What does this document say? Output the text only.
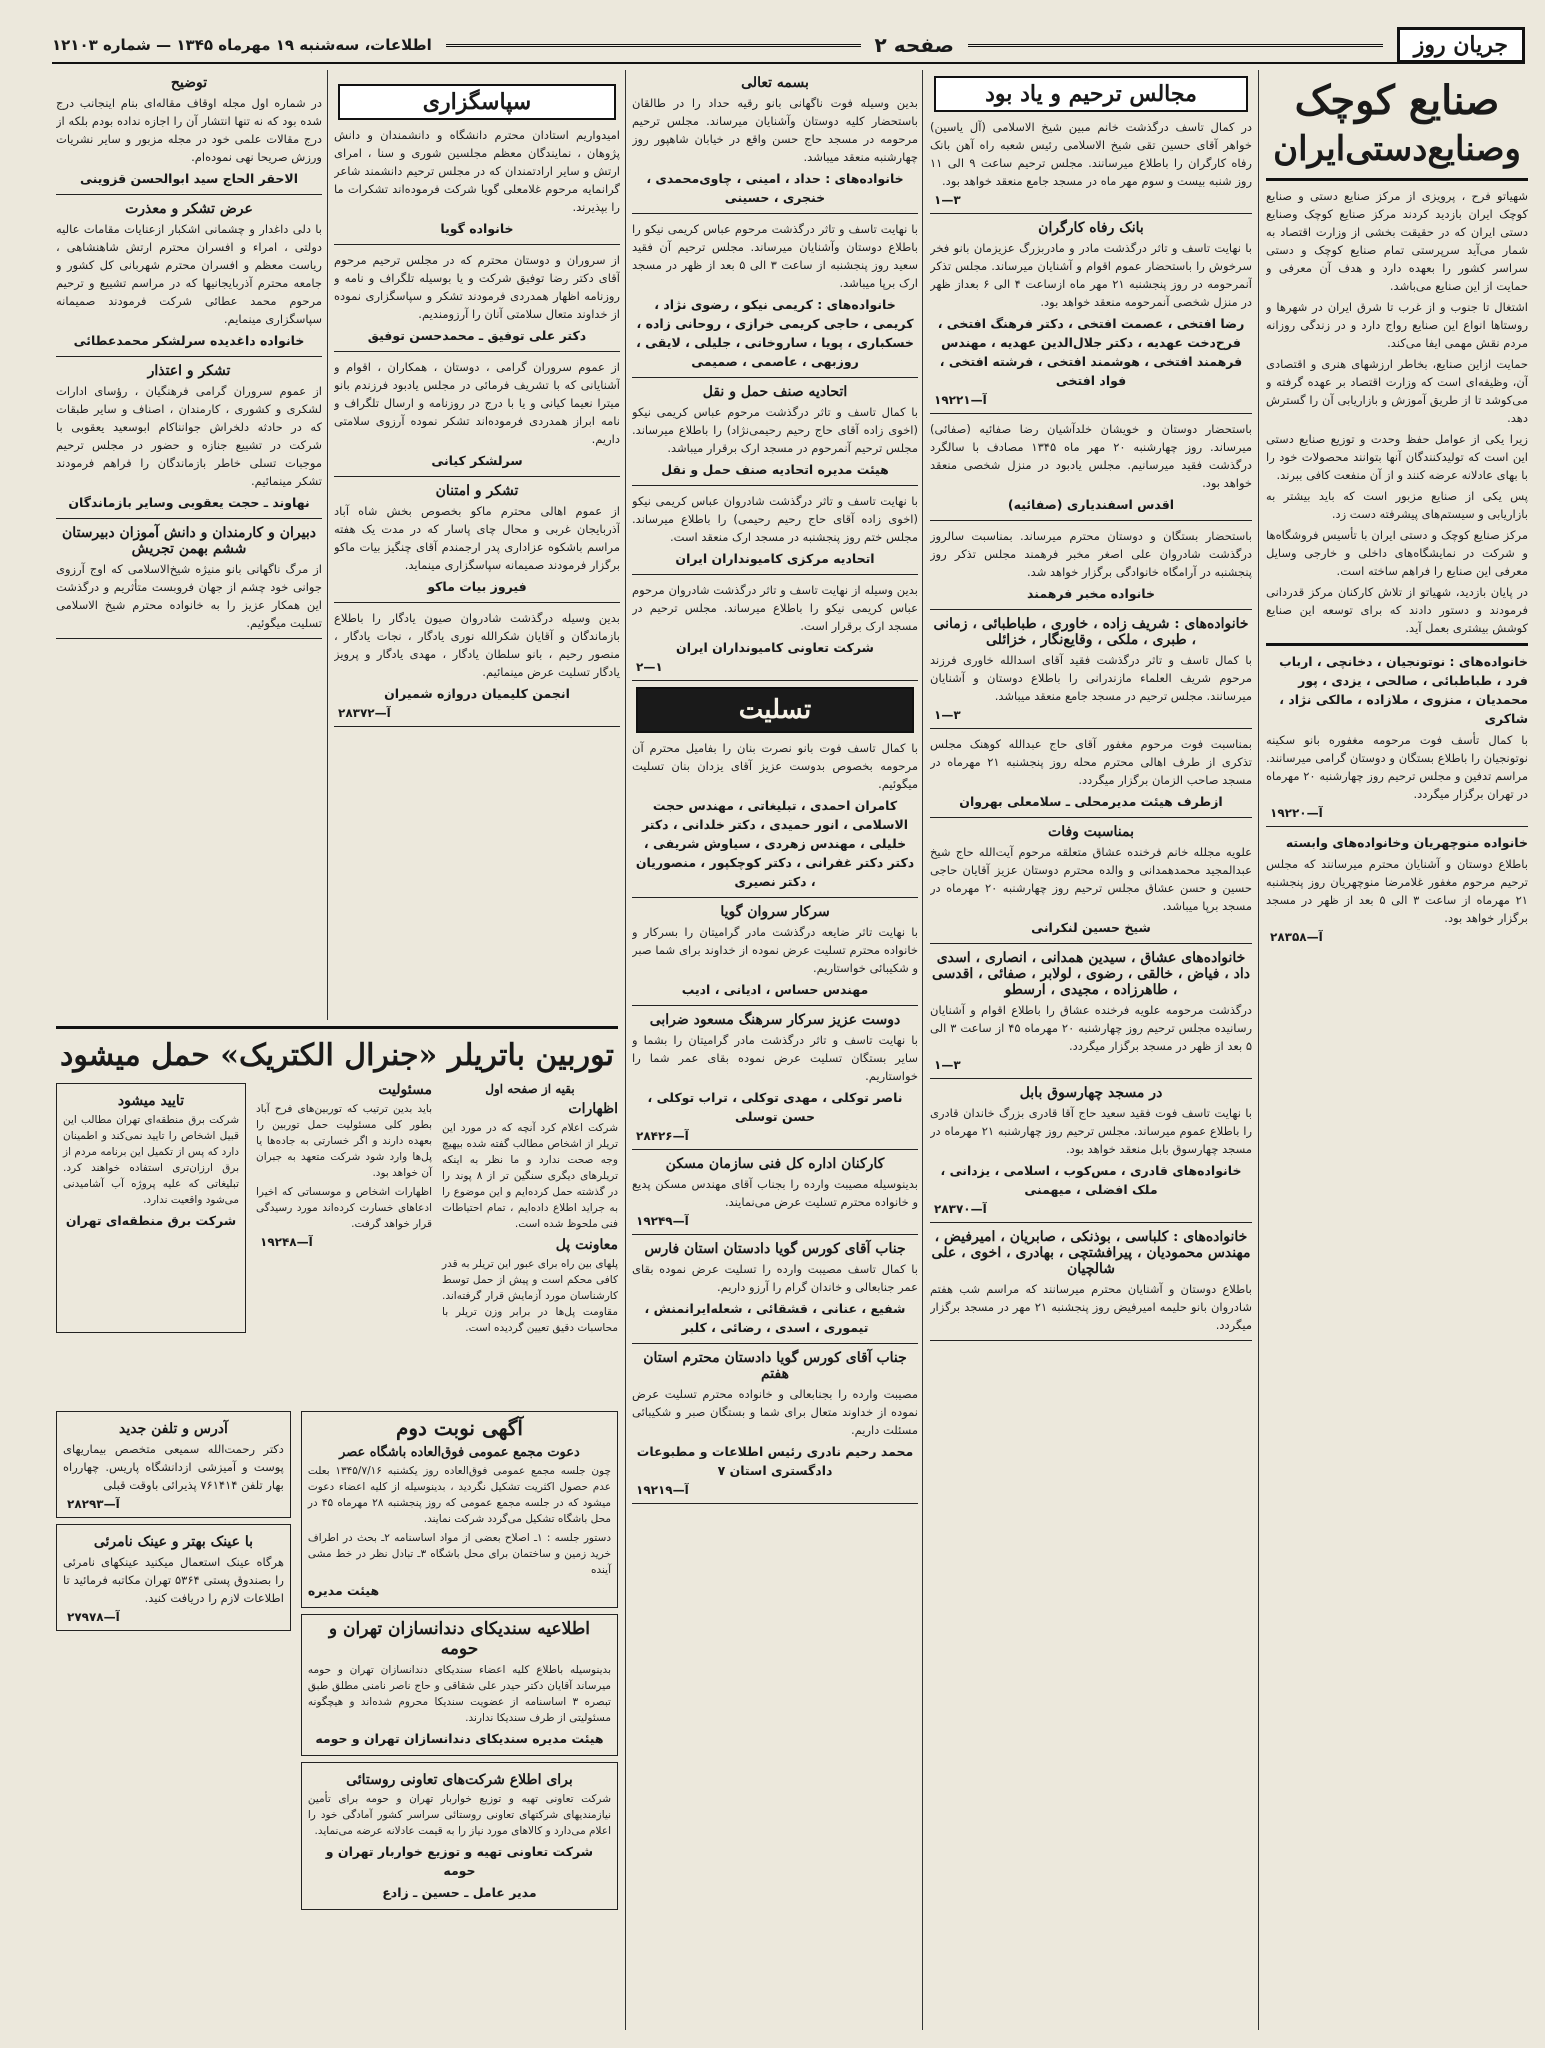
جریان روز
صفحه ۲
اطلاعات، سه‌شنبه ۱۹ مهرماه ۱۳۴۵ — شماره ۱۲۱۰۳
صنایع کوچک
وصنایع‌دستی‌ایران

شهیاتو فرح ، پرویزی از مرکز صنایع دستی و صنایع کوچک ایران بازدید کردند مرکز صنایع کوچک وصنایع دستی ایران که در حقیقت بخشی از وزارت اقتصاد به شمار می‌آید سرپرستی تمام صنایع کوچک و دستی سراسر کشور را بعهده دارد و هدف آن معرفی و حمایت از این صنایع می‌باشد.

اشتغال تا جنوب و از غرب تا شرق ایران در شهرها و روستاها انواع این صنایع رواج دارد و در زندگی روزانه مردم نقش مهمی ایفا می‌کند.

حمایت ازاین صنایع، بخاطر ارزشهای هنری و اقتصادی آن، وظیفه‌ای است که وزارت اقتصاد بر عهده گرفته و می‌کوشد تا از طریق آموزش و بازاریابی آن را گسترش دهد.

زیرا یکی از عوامل حفظ وحدت و توزیع صنایع دستی این است که تولیدکنندگان آنها بتوانند محصولات خود را با بهای عادلانه عرضه کنند و از آن منفعت کافی ببرند.

پس یکی از صنایع مزبور است که باید بیشتر به بازاریابی و سیستم‌های پیشرفته دست زد.

مرکز صنایع کوچک و دستی ایران با تأسیس فروشگاه‌ها و شرکت در نمایشگاه‌های داخلی و خارجی وسایل معرفی این صنایع را فراهم ساخته است.

در پایان بازدید، شهیاتو از تلاش کارکنان مرکز قدردانی فرمودند و دستور دادند که برای توسعه این صنایع کوشش بیشتری بعمل آید.

خانواده‌های : نوتونجیان ، دخانچی ، ارباب فرد ، طباطبائی ، صالحی ، یزدی ، پور محمدیان ، منزوی ، ملازاده ، مالکی نژاد ، شاکری

با کمال تأسف فوت مرحومه مغفوره بانو سکینه نوتونجیان را باطلاع بستگان و دوستان گرامی میرسانند. مراسم تدفین و مجلس ترحیم روز چهارشنبه ۲۰ مهرماه در تهران برگزار میگردد.

آ—۱۹۲۲۰
خانواده منوچهریان وخانواده‌های وابسته

باطلاع دوستان و آشنایان محترم میرسانند که مجلس ترحیم مرحوم مغفور غلامرضا منوچهریان روز پنجشنبه ۲۱ مهرماه از ساعت ۳ الی ۵ بعد از ظهر در مسجد برگزار خواهد بود.

آ—۲۸۳۵۸
مجالس ترحیم و یاد بود

در کمال تاسف درگذشت خانم مبین شیخ الاسلامی (آل یاسین) خواهر آقای حسین تقی شیخ الاسلامی رئیس شعبه راه آهن بانک رفاه کارگران را باطلاع میرسانند. مجلس ترحیم ساعت ۹ الی ۱۱ روز شنبه بیست و سوم مهر ماه در مسجد جامع منعقد خواهد بود.

۱—۳
بانک رفاه کارگران

با نهایت تاسف و تاثر درگذشت مادر و مادربزرگ عزیزمان بانو فخر سرخوش را باستحضار عموم اقوام و آشنایان میرساند. مجلس تذکر آنمرحومه در روز پنجشنبه ۲۱ مهر ماه ازساعت ۴ الی ۶ بعداز ظهر در منزل شخصی آنمرحومه منعقد خواهد بود.

رضا افتخی ، عصمت افتخی ، دکتر فرهنگ افتخی ، فرح‌دخت عهدیه ، دکتر جلال‌الدین عهدیه ، مهندس فرهمند افتخی ، هوشمند افتخی ، فرشته افتخی ، فواد افتخی
آ—۱۹۲۲۱

باستحضار دوستان و خویشان خلدآشیان رضا صفائیه (صفائی) میرساند. روز چهارشنبه ۲۰ مهر ماه ۱۳۴۵ مصادف با سالگرد درگذشت فقید میرسانیم. مجلس یادبود در منزل شخصی منعقد خواهد بود.

اقدس اسفندیاری (صفائیه)

باستحضار بستگان و دوستان محترم میرساند. بمناسبت سالروز درگذشت شادروان علی اصغر مخبر فرهمند مجلس تذکر روز پنجشنبه در آرامگاه خانوادگی برگزار خواهد شد.

خانواده مخبر فرهمند
خانواده‌های : شریف زاده ، خاوری ، طباطبائی ، زمانی ، طبری ، ملکی ، وقایع‌نگار ، خزائلی

با کمال تاسف و تاثر درگذشت فقید آقای اسدالله خاوری فرزند مرحوم شریف العلماء مازندرانی را باطلاع دوستان و آشنایان میرسانند. مجلس ترحیم در مسجد جامع منعقد میباشد.

۱—۳

بمناسبت فوت مرحوم مغفور آقای حاج عبدالله کوهنک مجلس تذکری از طرف اهالی محترم محله روز پنجشنبه ۲۱ مهرماه در مسجد صاحب الزمان برگزار میگردد.

ازطرف هیئت مدیرمحلی ـ سلامعلی بهروان
بمناسبت وفات

علویه مجلله خانم فرخنده عشاق متعلقه مرحوم آیت‌الله حاج شیخ عبدالمجید محمدهمدانی و والده محترم دوستان عزیز آقایان حاجی حسین و حسن عشاق مجلس ترحیم روز چهارشنبه ۲۰ مهرماه در مسجد برپا میباشد.

شیخ حسین لنکرانی
خانواده‌های عشاق ، سیدین همدانی ، انصاری ، اسدی داد ، فیاض ، خالقی ، رضوی ، لولابر ، صفائی ، اقدسی ، طاهرزاده ، مجیدی ، ارسطو

درگذشت مرحومه علویه فرخنده عشاق را باطلاع اقوام و آشنایان رسانیده مجلس ترحیم روز چهارشنبه ۲۰ مهرماه ۴۵ از ساعت ۳ الی ۵ بعد از ظهر در مسجد برگزار میگردد.

۱—۳
در مسجد چهارسوق بابل

با نهایت تاسف فوت فقید سعید حاج آقا قادری بزرگ خاندان قادری را باطلاع عموم میرساند. مجلس ترحیم روز چهارشنبه ۲۱ مهرماه در مسجد چهارسوق بابل منعقد خواهد بود.

خانواده‌های قادری ، مس‌کوب ، اسلامی ، یزدانی ، ملک افضلی ، میهمنی
آ—۲۸۳۷۰
خانواده‌های : کلباسی ، بوذنکی ، صابریان ، امیرفیض ، مهندس محمودیان ، پیرافشتچی ، بهادری ، اخوی ، علی شالچیان

باطلاع دوستان و آشنایان محترم میرسانند که مراسم شب هفتم شادروان بانو حلیمه امیرفیض روز پنجشنبه ۲۱ مهر در مسجد برگزار میگردد.

بسمه تعالی

بدین وسیله فوت ناگهانی بانو رقیه حداد را در طالقان باستحضار کلیه دوستان وآشنایان میرساند. مجلس ترحیم مرحومه در مسجد حاج حسن واقع در خیابان شاهپور روز چهارشنبه منعقد میباشد.

خانواده‌های : حداد ، امینی ، چاوی‌محمدی ، خنجری ، حسینی

با نهایت تاسف و تاثر درگذشت مرحوم عباس کریمی نیکو را باطلاع دوستان وآشنایان میرساند. مجلس ترحیم آن فقید سعید روز پنجشنبه از ساعت ۳ الی ۵ بعد از ظهر در مسجد ارک برپا میباشد.

خانواده‌های : کریمی نیکو ، رضوی نژاد ، کریمی ، حاجی کریمی خرازی ، روحانی زاده ، خسکباری ، پویا ، ساروخانی ، جلیلی ، لایقی ، روزبهی ، عاصمی ، صمیمی
اتحادیه صنف حمل و نقل

با کمال تاسف و تاثر درگذشت مرحوم عباس کریمی نیکو (اخوی زاده آقای حاج رحیم رحیمی‌نژاد) را باطلاع میرساند. مجلس ترحیم آنمرحوم در مسجد ارک برقرار میباشد.

هیئت مدیره اتحادیه صنف حمل و نقل

با نهایت تاسف و تاثر درگذشت شادروان عباس کریمی نیکو (اخوی زاده آقای حاج رحیم رحیمی) را باطلاع میرساند. مجلس ختم روز پنجشنبه در مسجد ارک منعقد است.

اتحادیه مرکزی کامیونداران ایران

بدین وسیله از نهایت تاسف و تاثر درگذشت شادروان مرحوم عباس کریمی نیکو را باطلاع میرساند. مجلس ترحیم در مسجد ارک برقرار است.

شرکت تعاونی کامیونداران ایران
۲—۱
تسلیت

با کمال تاسف فوت بانو نصرت بنان را بفامیل محترم آن مرحومه بخصوص بدوست عزیز آقای یزدان بنان تسلیت میگوئیم.

کامران احمدی ، تبلیغاتی ، مهندس حجت الاسلامی ، انور حمیدی ، دکتر خلدانی ، دکتر خلیلی ، مهندس زهردی ، سیاوش شریفی ، دکتر دکتر غفرانی ، دکتر کوچکپور ، منصوریان ، دکتر نصیری
سرکار سروان گویا

با نهایت تاثر ضایعه درگذشت مادر گرامیتان را بسرکار و خانواده محترم تسلیت عرض نموده از خداوند برای شما صبر و شکیبائی خواستاریم.

مهندس حساس ، ادیانی ، ادیب
دوست عزیز سرکار سرهنگ مسعود ضرابی

با نهایت تاسف و تاثر درگذشت مادر گرامیتان را بشما و سایر بستگان تسلیت عرض نموده بقای عمر شما را خواستاریم.

ناصر توکلی ، مهدی توکلی ، تراب توکلی ، حسن توسلی
آ—۲۸۴۲۶
کارکنان اداره کل فنی سازمان مسکن

بدینوسیله مصیبت وارده را بجناب آقای مهندس مسکن پدیع و خانواده محترم تسلیت عرض می‌نمایند.

آ—۱۹۲۴۹
جناب آقای کورس گویا دادستان استان فارس

با کمال تاسف مصیبت وارده را تسلیت عرض نموده بقای عمر جنابعالی و خاندان گرام را آرزو داریم.

شفیع ، عنانی ، قشقائی ، شعله‌ایرانمنش ، تیموری ، اسدی ، رضائی ، کلبر
جناب آقای کورس گویا دادستان محترم استان هفتم

مصیبت وارده را بجنابعالی و خانواده محترم تسلیت عرض نموده از خداوند متعال برای شما و بستگان صبر و شکیبائی مسئلت داریم.

محمد رحیم نادری رئیس اطلاعات و مطبوعات دادگستری استان ۷
آ—۱۹۲۱۹
سپاسگزاری

امیدواریم استادان محترم دانشگاه و دانشمندان و دانش پژوهان ، نمایندگان معظم مجلسین شوری و سنا ، امرای ارتش و سایر ارادتمندان که در مجلس ترحیم دانشمند شاعر گرانمایه مرحوم غلامعلی گویا شرکت فرموده‌اند تشکرات ما را بپذیرند.

خانواده گویا

از سروران و دوستان محترم که در مجلس ترحیم مرحوم آقای دکتر رضا توفیق شرکت و یا بوسیله تلگراف و نامه و روزنامه اظهار همدردی فرمودند تشکر و سپاسگزاری نموده از خداوند متعال سلامتی آنان را آرزومندیم.

دکتر علی توفیق ـ محمدحسن توفیق

از عموم سروران گرامی ، دوستان ، همکاران ، اقوام و آشنایانی که با تشریف فرمائی در مجلس یادبود فرزندم بانو میترا نعیما کیانی و یا با درج در روزنامه و ارسال تلگراف و نامه ابراز همدردی فرموده‌اند تشکر نموده آرزوی سلامتی داریم.

سرلشکر کیانی
تشکر و امتنان

از عموم اهالی محترم ماکو بخصوص بخش شاه آباد آذربایجان غربی و محال چای پاسار که در مدت یک هفته مراسم باشکوه عزاداری پدر ارجمندم آقای چنگیز بیات ماکو برگزار فرمودند صمیمانه سپاسگزاری مینماید.

فیروز بیات ماکو

بدین وسیله درگذشت شادروان صیون یادگار را باطلاع بازماندگان و آقایان شکرالله نوری یادگار ، نجات یادگار ، منصور رحیم ، بانو سلطان یادگار ، مهدی یادگار و پرویز یادگار تسلیت عرض مینمائیم.

انجمن کلیمیان دروازه شمیران
آ—۲۸۳۷۲
توضیح

در شماره اول مجله اوقاف مقاله‌ای بنام اینجانب درج شده بود که نه تنها انتشار آن را اجازه نداده بودم بلکه از درج مقالات علمی خود در مجله مزبور و سایر نشریات ورزش صریحا نهی نموده‌ام.

الاحقر الحاج سید ابوالحسن قزوینی
عرض تشکر و معذرت

با دلی داغدار و چشمانی اشکبار ازعنایات مقامات عالیه دولتی ، امراء و افسران محترم ارتش شاهنشاهی ، ریاست معظم و افسران محترم شهربانی کل کشور و جامعه محترم آذربایجانیها که در مراسم تشییع و ترحیم مرحوم محمد عطائی شرکت فرمودند صمیمانه سپاسگزاری مینمایم.

خانواده داغدیده سرلشکر محمدعطائی
تشکر و اعتذار

از عموم سروران گرامی فرهنگیان ، رؤسای ادارات لشکری و کشوری ، کارمندان ، اصناف و سایر طبقات که در حادثه دلخراش جوانناکام ابوسعید یعقوبی با شرکت در تشییع جنازه و حضور در مجلس ترحیم موجبات تسلی خاطر بازماندگان را فراهم فرمودند تشکر مینمائیم.

نهاوند ـ حجت یعقوبی وسایر بازماندگان
دبیران و کارمندان و دانش آموزان دبیرستان ششم بهمن تجریش

از مرگ ناگهانی بانو منیژه شیخ‌الاسلامی که اوج آرزوی جوانی خود چشم از جهان فروبست متأثریم و درگذشت این همکار عزیز را به خانواده محترم شیخ الاسلامی تسلیت میگوئیم.

توربین باتریلر «جنرال الکتریک» حمل میشود
بقیه از صفحه اول
اظهارات

شرکت اعلام کرد آنچه که در مورد این تریلر از اشخاص مطالب گفته شده بیهیچ وجه صحت ندارد و ما نظر به اینکه تریلرهای دیگری سنگین تر از ۸ پوند را در گذشته حمل کرده‌ایم و این موضوع را به جراید اطلاع داده‌ایم ، تمام احتیاطات فنی ملحوظ شده است.

معاونت پل

پلهای بین راه برای عبور این تریلر به قدر کافی محکم است و پیش از حمل توسط کارشناسان مورد آزمایش قرار گرفته‌اند. مقاومت پل‌ها در برابر وزن تریلر با محاسبات دقیق تعیین گردیده است.

مسئولیت

باید بدین ترتیب که توربین‌های فرح آباد بطور کلی مسئولیت حمل توربین را بعهده دارند و اگر خسارتی به جاده‌ها یا پل‌ها وارد شود شرکت متعهد به جبران آن خواهد بود.

اظهارات اشخاص و موسساتی که اخیرا ادعاهای خسارت کرده‌اند مورد رسیدگی قرار خواهد گرفت.

آ—۱۹۲۴۸
تایید میشود

شرکت برق منطقه‌ای تهران مطالب این قبیل اشخاص را تایید نمی‌کند و اطمینان دارد که پس از تکمیل این برنامه مردم از برق ارزان‌تری استفاده خواهند کرد. تبلیغاتی که علیه پروژه آب آشامیدنی می‌شود واقعیت ندارد.

شرکت برق منطقه‌ای تهران
آگهی نوبت دوم
دعوت مجمع عمومی فوق‌العاده باشگاه عصر

چون جلسه مجمع عمومی فوق‌العاده روز یکشنبه ۱۳۴۵/۷/۱۶ بعلت عدم حصول اکثریت تشکیل نگردید ، بدینوسیله از کلیه اعضاء دعوت میشود که در جلسه مجمع عمومی که روز پنجشنبه ۲۸ مهرماه ۴۵ در محل باشگاه تشکیل می‌گردد شرکت نمایند.

دستور جلسه : ۱ـ اصلاح بعضی از مواد اساسنامه ۲ـ بحث در اطراف خرید زمین و ساختمان برای محل باشگاه ۳ـ تبادل نظر در خط مشی آینده

هیئت مدیره
اطلاعیه سندیکای دندانسازان تهران و حومه

بدینوسیله باطلاع کلیه اعضاء سندیکای دندانسازان تهران و حومه میرساند آقایان دکتر حیدر علی شقاقی و حاج ناصر نامنی مطلق طبق تبصره ۳ اساسنامه از عضویت سندیکا محروم شده‌اند و هیچگونه مسئولیتی از طرف سندیکا ندارند.

هیئت مدیره سندیکای دندانسازان تهران و حومه
برای اطلاع شرکت‌های تعاونی روستائی

شرکت تعاونی تهیه و توزیع خواربار تهران و حومه برای تأمین نیازمندیهای شرکتهای تعاونی روستائی سراسر کشور آمادگی خود را اعلام می‌دارد و کالاهای مورد نیاز را به قیمت عادلانه عرضه می‌نماید.

شرکت تعاونی تهیه و توزیع خواربار تهران و حومه
مدیر عامل ـ حسین ـ زادع
آدرس و تلفن جدید

دکتر رحمت‌الله سمیعی متخصص بیماریهای پوست و آمیزشی ازدانشگاه پاریس. چهارراه بهار تلفن ۷۶۱۴۱۴ پذیرائی باوقت قبلی

آ—۲۸۲۹۳
با عینک بهتر و عینک نامرئی

هرگاه عینک استعمال میکنید عینکهای نامرئی را بصندوق پستی ۵۳۶۴ تهران مکاتبه فرمائید تا اطلاعات لازم را دریافت کنید.

آ—۲۷۹۷۸
